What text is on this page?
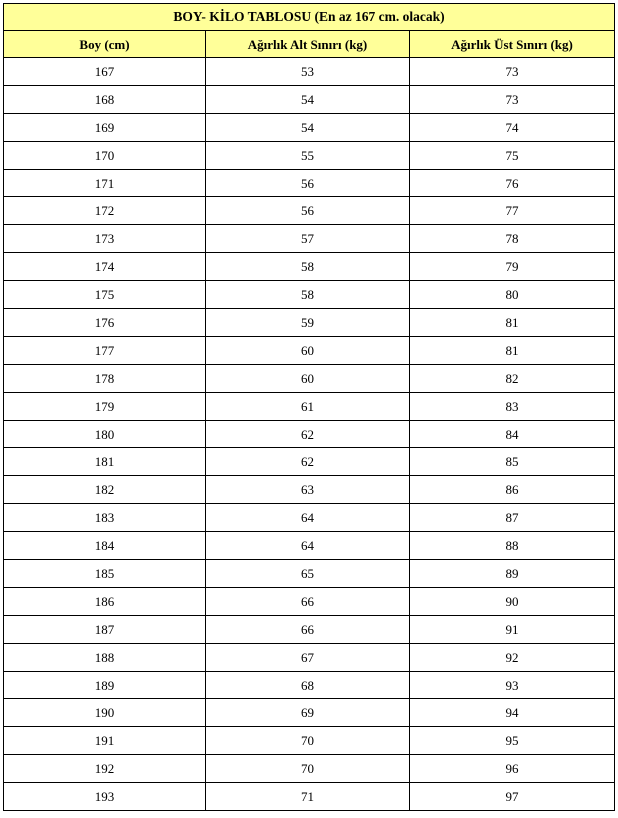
BOY- KİLO TABLOSU (En az 167 cm. olacak)		
Boy (cm)	Ağırlık Alt Sınırı (kg)	Ağırlık Üst Sınırı (kg)
167	53	73
168	54	73
169	54	74
170	55	75
171	56	76
172	56	77
173	57	78
174	58	79
175	58	80
176	59	81
177	60	81
178	60	82
179	61	83
180	62	84
181	62	85
182	63	86
183	64	87
184	64	88
185	65	89
186	66	90
187	66	91
188	67	92
189	68	93
190	69	94
191	70	95
192	70	96
193	71	97
